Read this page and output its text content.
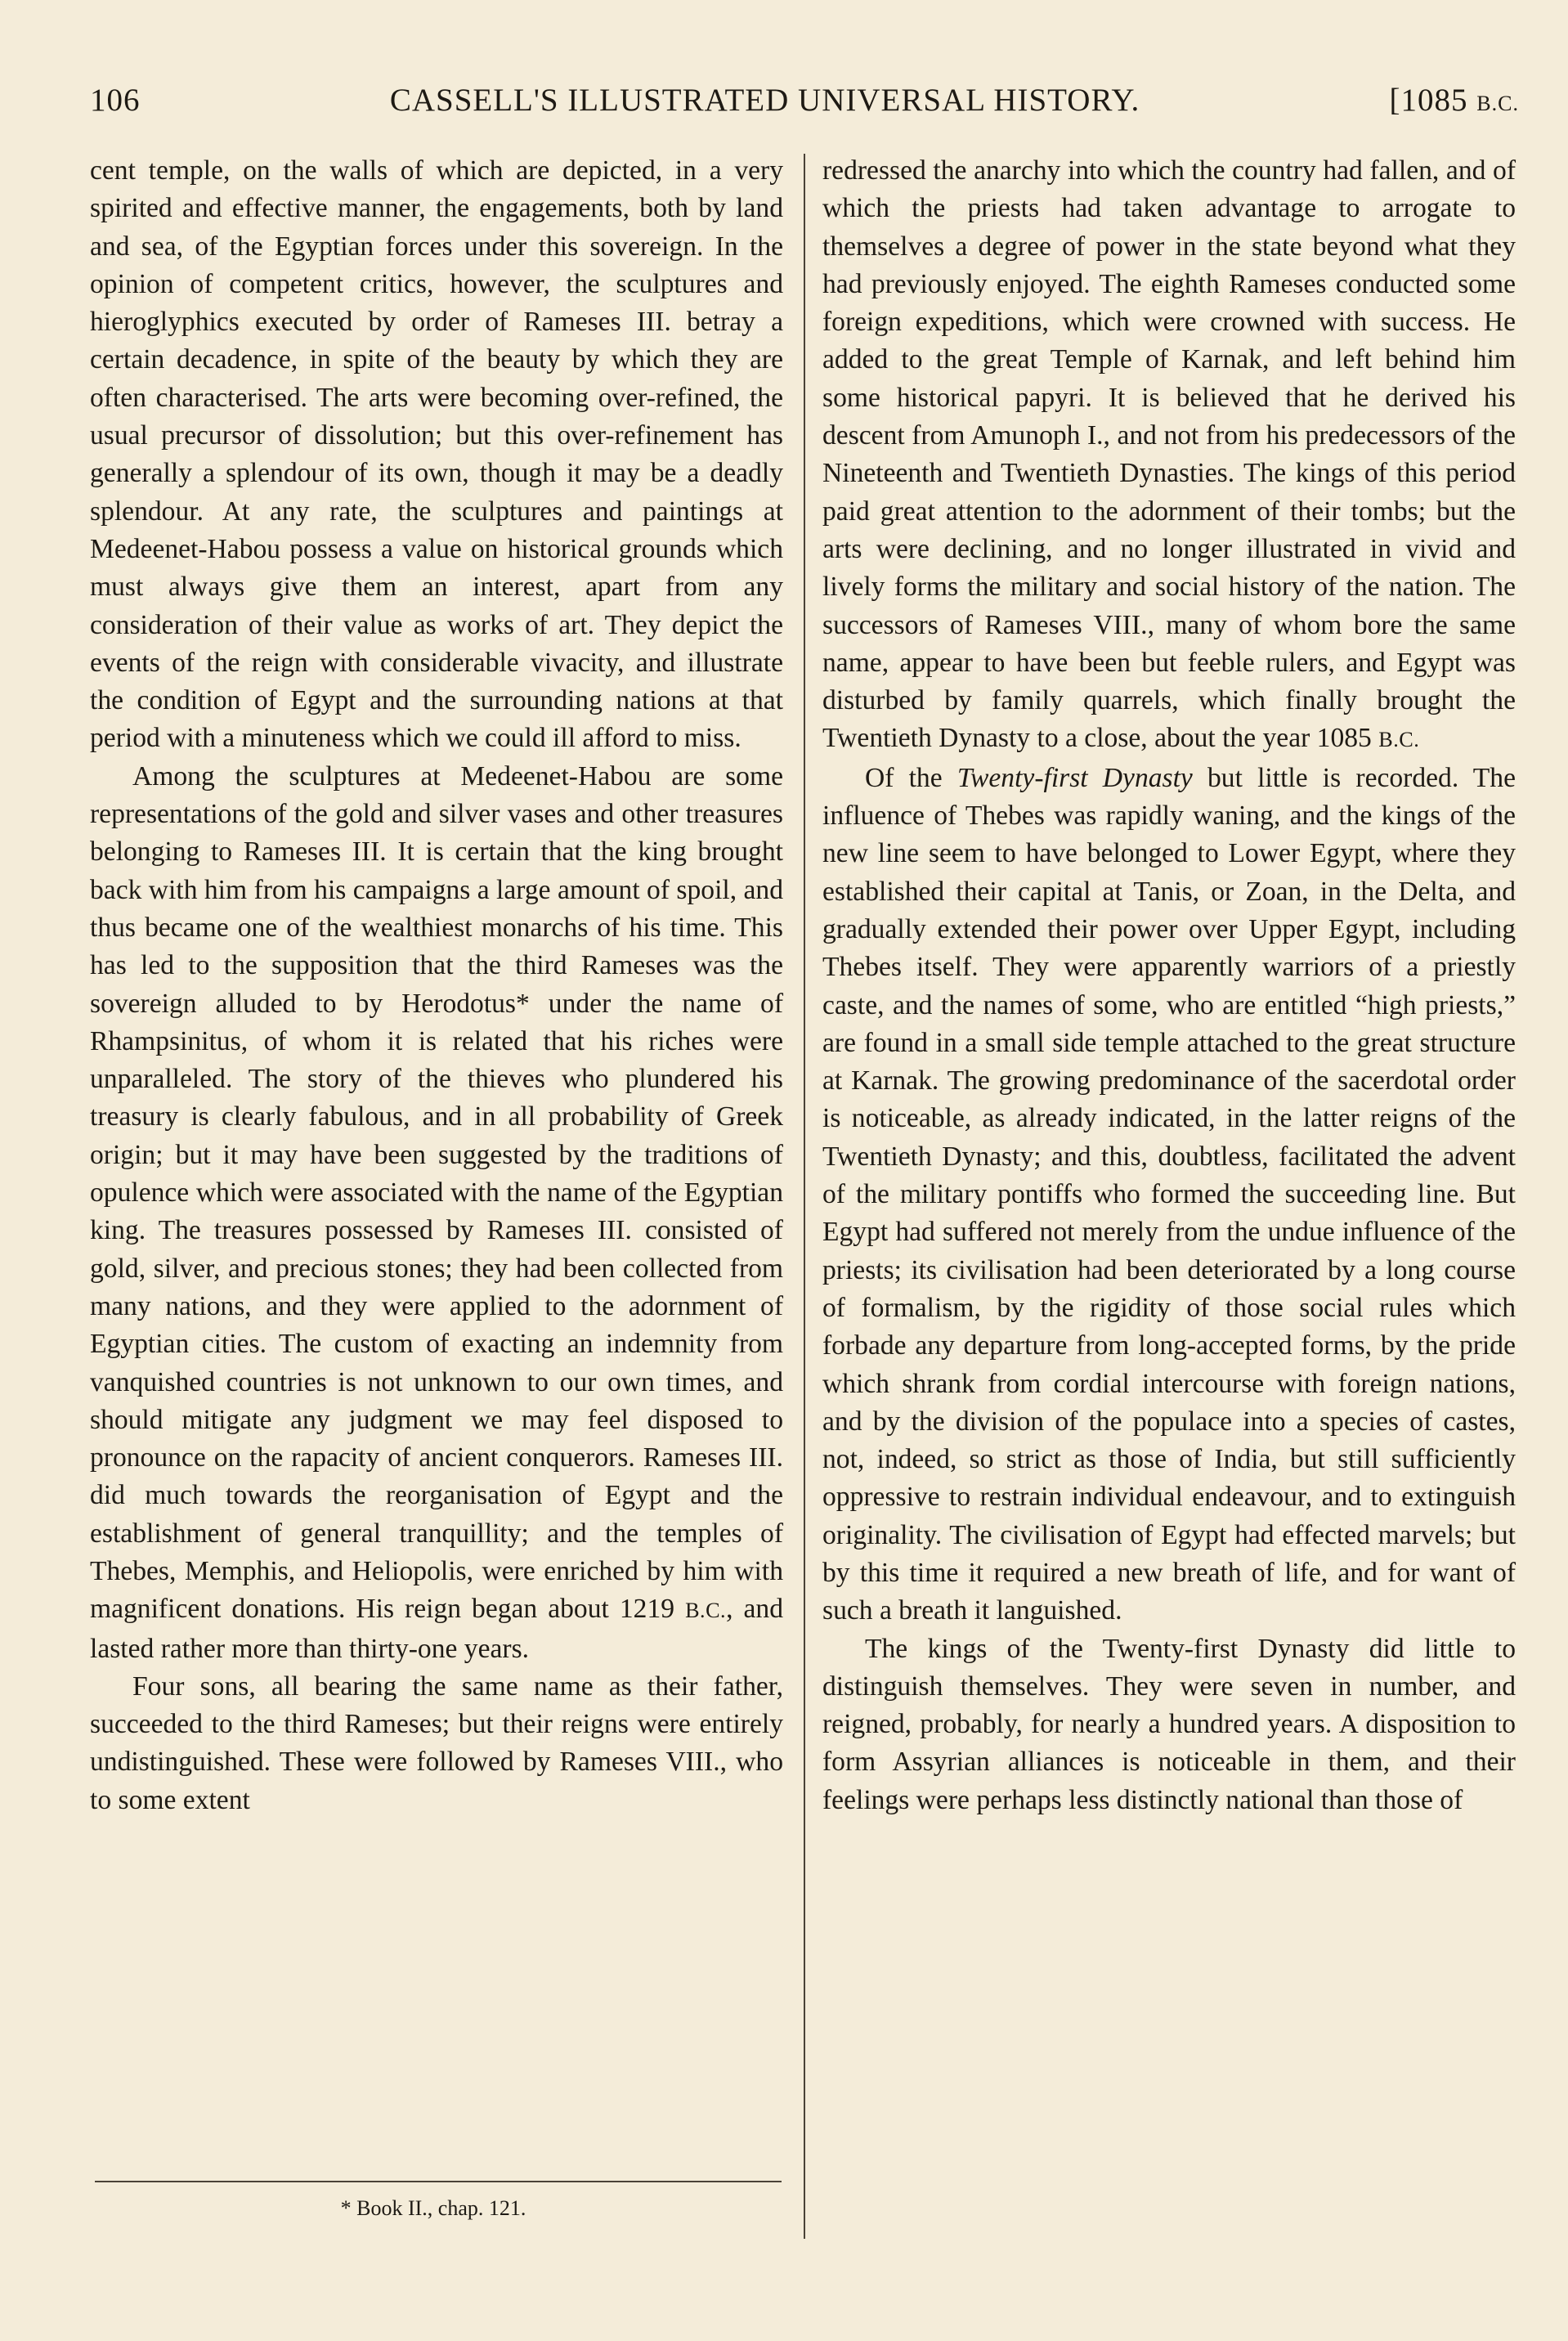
106	CASSELL'S ILLUSTRATED UNIVERSAL HISTORY.	[1085 B.C.

cent temple, on the walls of which are depicted, in a very spirited and effective manner, the engagements, both by land and sea, of the Egyptian forces under this sovereign. In the opinion of competent critics, however, the sculptures and hieroglyphics executed by order of Rameses III. betray a certain decadence, in spite of the beauty by which they are often characterised. The arts were becoming over-refined, the usual precursor of dissolution; but this over-refinement has generally a splendour of its own, though it may be a deadly splendour. At any rate, the sculptures and paintings at Medeenet-Habou possess a value on historical grounds which must always give them an interest, apart from any consideration of their value as works of art. They depict the events of the reign with considerable vivacity, and illustrate the condition of Egypt and the surrounding nations at that period with a minuteness which we could ill afford to miss.

Among the sculptures at Medeenet-Habou are some representations of the gold and silver vases and other treasures belonging to Rameses III. It is certain that the king brought back with him from his campaigns a large amount of spoil, and thus became one of the wealthiest monarchs of his time. This has led to the supposition that the third Rameses was the sovereign alluded to by Herodotus* under the name of Rhampsinitus, of whom it is related that his riches were unparalleled. The story of the thieves who plundered his treasury is clearly fabulous, and in all probability of Greek origin; but it may have been suggested by the traditions of opulence which were associated with the name of the Egyptian king. The treasures possessed by Rameses III. consisted of gold, silver, and precious stones; they had been collected from many nations, and they were applied to the adornment of Egyptian cities. The custom of exacting an indemnity from vanquished countries is not unknown to our own times, and should mitigate any judgment we may feel disposed to pronounce on the rapacity of ancient conquerors. Rameses III. did much towards the reorganisation of Egypt and the establishment of general tranquillity; and the temples of Thebes, Memphis, and Heliopolis, were enriched by him with magnificent donations. His reign began about 1219 B.C., and lasted rather more than thirty-one years.

Four sons, all bearing the same name as their father, succeeded to the third Rameses; but their reigns were entirely undistinguished. These were followed by Rameses VIII., who to some extent

redressed the anarchy into which the country had fallen, and of which the priests had taken advantage to arrogate to themselves a degree of power in the state beyond what they had previously enjoyed. The eighth Rameses conducted some foreign expeditions, which were crowned with success. He added to the great Temple of Karnak, and left behind him some historical papyri. It is believed that he derived his descent from Amunoph I., and not from his predecessors of the Nineteenth and Twentieth Dynasties. The kings of this period paid great attention to the adornment of their tombs; but the arts were declining, and no longer illustrated in vivid and lively forms the military and social history of the nation. The successors of Rameses VIII., many of whom bore the same name, appear to have been but feeble rulers, and Egypt was disturbed by family quarrels, which finally brought the Twentieth Dynasty to a close, about the year 1085 B.C.

Of the Twenty-first Dynasty but little is recorded. The influence of Thebes was rapidly waning, and the kings of the new line seem to have belonged to Lower Egypt, where they established their capital at Tanis, or Zoan, in the Delta, and gradually extended their power over Upper Egypt, including Thebes itself. They were apparently warriors of a priestly caste, and the names of some, who are entitled “high priests,” are found in a small side temple attached to the great structure at Karnak. The growing predominance of the sacerdotal order is noticeable, as already indicated, in the latter reigns of the Twentieth Dynasty; and this, doubtless, facilitated the advent of the military pontiffs who formed the succeeding line. But Egypt had suffered not merely from the undue influence of the priests; its civilisation had been deteriorated by a long course of formalism, by the rigidity of those social rules which forbade any departure from long-accepted forms, by the pride which shrank from cordial intercourse with foreign nations, and by the division of the populace into a species of castes, not, indeed, so strict as those of India, but still sufficiently oppressive to restrain individual endeavour, and to extinguish originality. The civilisation of Egypt had effected marvels; but by this time it required a new breath of life, and for want of such a breath it languished.

The kings of the Twenty-first Dynasty did little to distinguish themselves. They were seven in number, and reigned, probably, for nearly a hundred years. A disposition to form Assyrian alliances is noticeable in them, and their feelings were perhaps less distinctly national than those of

* Book II., chap. 121.
